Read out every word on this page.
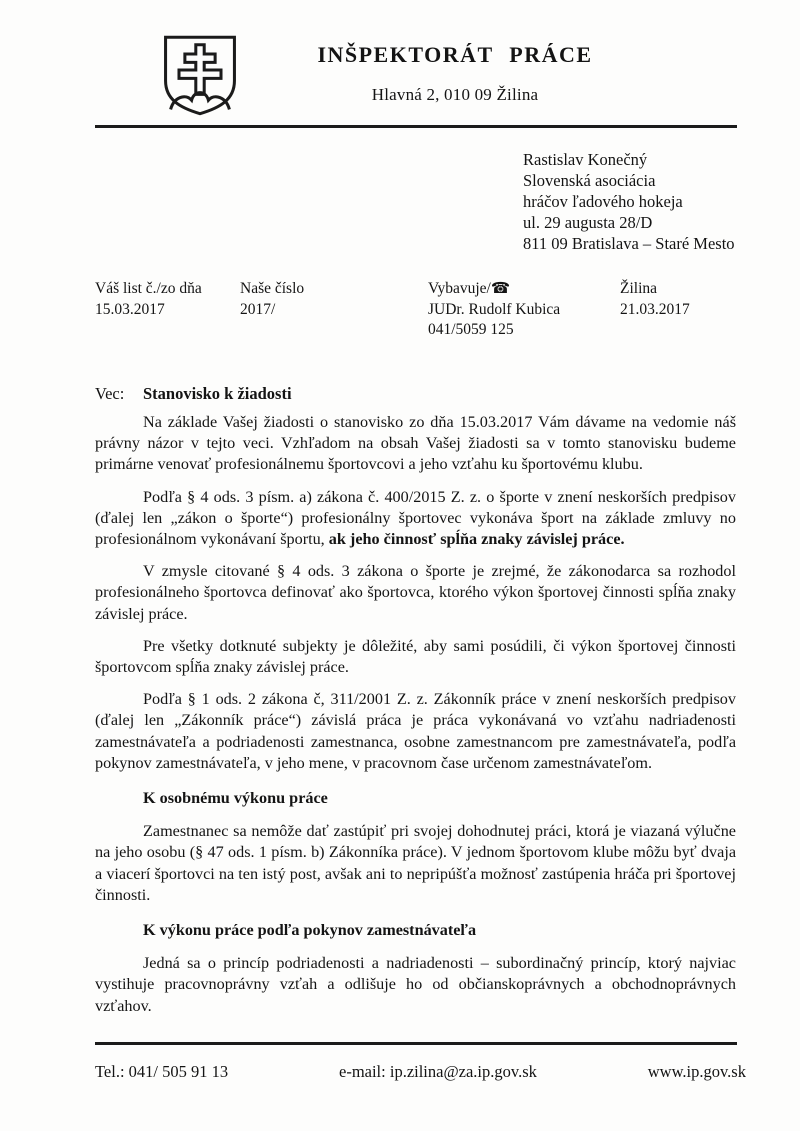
INŠPEKTORÁT PRÁCE
Hlavná 2, 010 09 Žilina
Rastislav Konečný
Slovenská asociácia
hráčov ľadového hokeja
ul. 29 augusta 28/D
811 09 Bratislava – Staré Mesto
Váš list č./zo dňa
15.03.2017
Naše číslo
2017/
Vybavuje/☎
JUDr. Rudolf Kubica
041/5059 125
Žilina
21.03.2017
Vec: Stanovisko k žiadosti

Na základe Vašej žiadosti o stanovisko zo dňa 15.03.2017 Vám dávame na vedomie náš právny názor v tejto veci. Vzhľadom na obsah Vašej žiadosti sa v tomto stanovisku budeme primárne venovať profesionálnemu športovcovi a jeho vzťahu ku športovému klubu.

Podľa § 4 ods. 3 písm. a) zákona č. 400/2015 Z. z. o športe v znení neskorších predpisov (ďalej len „zákon o športe“) profesionálny športovec vykonáva šport na základe zmluvy no profesionálnom vykonávaní športu, ak jeho činnosť spĺňa znaky závislej práce.

V zmysle citované § 4 ods. 3 zákona o športe je zrejmé, že zákonodarca sa rozhodol profesionálneho športovca definovať ako športovca, ktorého výkon športovej činnosti spĺňa znaky závislej práce.

Pre všetky dotknuté subjekty je dôležité, aby sami posúdili, či výkon športovej činnosti športovcom spĺňa znaky závislej práce.

Podľa § 1 ods. 2 zákona č, 311/2001 Z. z. Zákonník práce v znení neskorších predpisov (ďalej len „Zákonník práce“) závislá práca je práca vykonávaná vo vzťahu nadriadenosti zamestnávateľa a podriadenosti zamestnanca, osobne zamestnancom pre zamestnávateľa, podľa pokynov zamestnávateľa, v jeho mene, v pracovnom čase určenom zamestnávateľom.

K osobnému výkonu práce

Zamestnanec sa nemôže dať zastúpiť pri svojej dohodnutej práci, ktorá je viazaná výlučne na jeho osobu (§ 47 ods. 1 písm. b) Zákonníka práce). V jednom športovom klube môžu byť dvaja a viacerí športovci na ten istý post, avšak ani to nepripúšťa možnosť zastúpenia hráča pri športovej činnosti.

K výkonu práce podľa pokynov zamestnávateľa

Jedná sa o princíp podriadenosti a nadriadenosti – subordinačný princíp, ktorý najviac vystihuje pracovnoprávny vzťah a odlišuje ho od občianskoprávnych a obchodnoprávnych vzťahov.

Tel.: 041/ 505 91 13	e-mail: ip.zilina@za.ip.gov.sk	www.ip.gov.sk
